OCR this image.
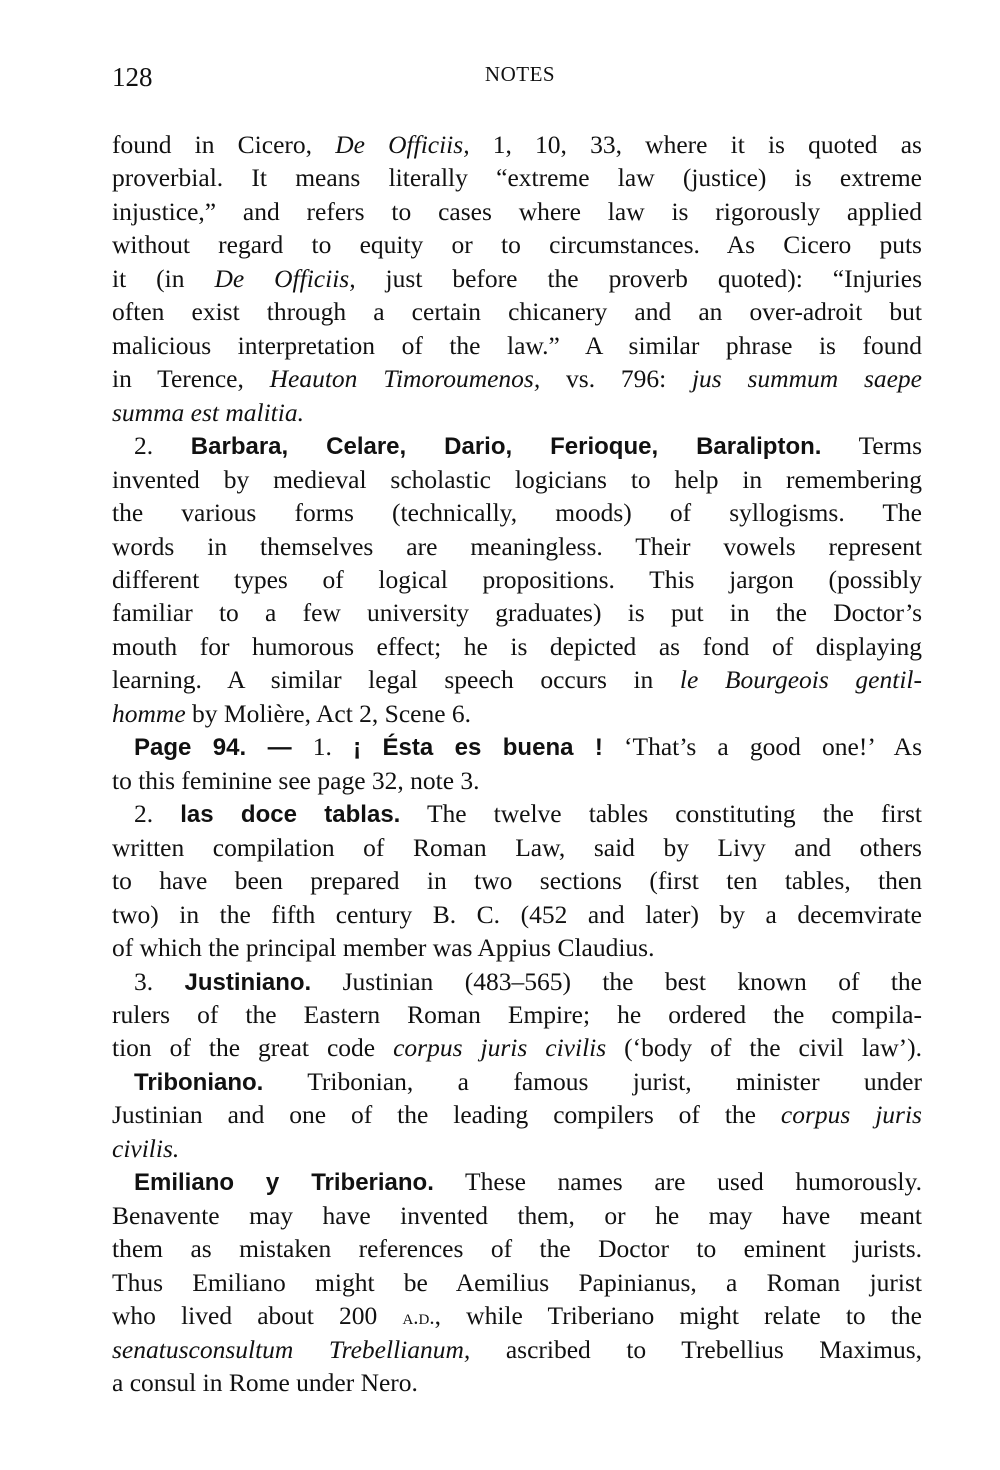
128	NOTES
found in Cicero, De Officiis, 1, 10, 33, where it is quoted as
proverbial. It means literally “extreme law (justice) is extreme
injustice,” and refers to cases where law is rigorously applied
without regard to equity or to circumstances. As Cicero puts
it (in De Officiis, just before the proverb quoted): “Injuries
often exist through a certain chicanery and an over-adroit but
malicious interpretation of the law.” A similar phrase is found
in Terence, Heauton Timoroumenos, vs. 796: jus summum saepe
summa est malitia.
2. Barbara, Celare, Dario, Ferioque, Baralipton. Terms
invented by medieval scholastic logicians to help in remembering
the various forms (technically, moods) of syllogisms. The
words in themselves are meaningless. Their vowels represent
different types of logical propositions. This jargon (possibly
familiar to a few university graduates) is put in the Doctor’s
mouth for humorous effect; he is depicted as fond of displaying
learning. A similar legal speech occurs in le Bourgeois gentil-
homme by Molière, Act 2, Scene 6.
Page 94. — 1. ¡ Ésta es buena ! ‘That’s a good one!’ As
to this feminine see page 32, note 3.
2. las doce tablas. The twelve tables constituting the first
written compilation of Roman Law, said by Livy and others
to have been prepared in two sections (first ten tables, then
two) in the fifth century B. C. (452 and later) by a decemvirate
of which the principal member was Appius Claudius.
3. Justiniano. Justinian (483–565) the best known of the
rulers of the Eastern Roman Empire; he ordered the compila-
tion of the great code corpus juris civilis (‘body of the civil law’).
Triboniano. Tribonian, a famous jurist, minister under
Justinian and one of the leading compilers of the corpus juris
civilis.
Emiliano y Triberiano. These names are used humorously.
Benavente may have invented them, or he may have meant
them as mistaken references of the Doctor to eminent jurists.
Thus Emiliano might be Aemilius Papinianus, a Roman jurist
who lived about 200 a.d., while Triberiano might relate to the
senatusconsultum Trebellianum, ascribed to Trebellius Maximus,
a consul in Rome under Nero.
